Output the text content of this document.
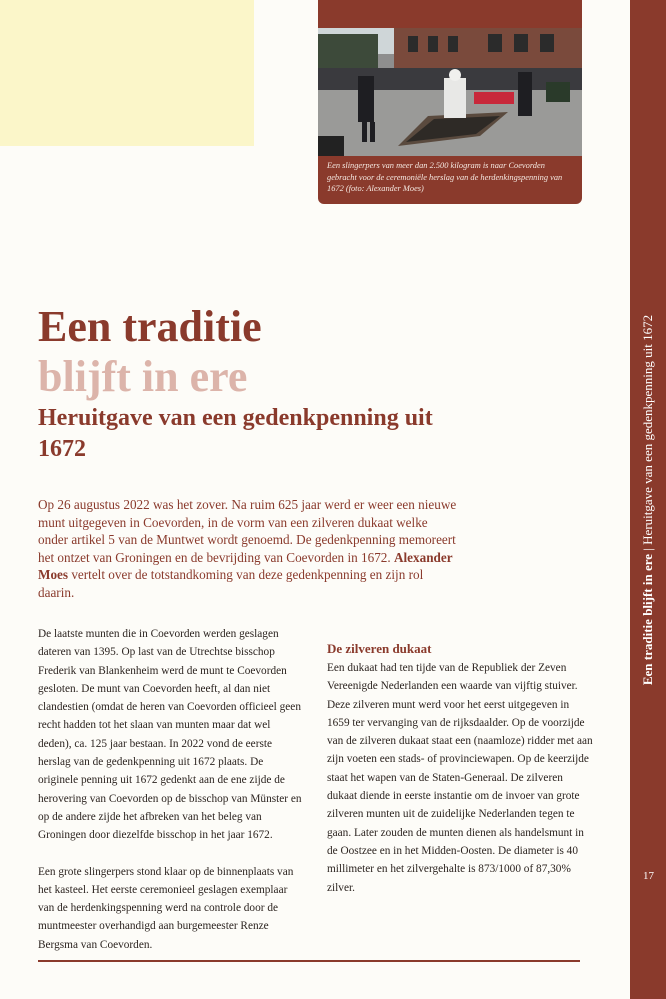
Een slingerpers van meer dan 2.500 kilogram is naar Coevorden gebracht voor de ceremoniële herslag van de herdenkingspenning van 1672 (foto: Alexander Moes)
Een traditie blijft in ere | Heruitgave van een gedenkpenning uit 1672
17
Een traditie
blijft in ere
Heruitgave van een gedenkpenning uit 1672

Op 26 augustus 2022 was het zover. Na ruim 625 jaar werd er weer een nieuwe munt uitgegeven in Coevorden, in de vorm van een zilveren dukaat welke onder artikel 5 van de Muntwet wordt genoemd. De gedenkpenning memoreert het ontzet van Groningen en de bevrijding van Coevorden in 1672. Alexander Moes vertelt over de totstandkoming van deze gedenkpenning en zijn rol daarin.

De laatste munten die in Coevorden werden geslagen dateren van 1395. Op last van de Utrechtse bisschop Frederik van Blankenheim werd de munt te Coevorden gesloten. De munt van Coevorden heeft, al dan niet clandestien (omdat de heren van Coevorden officieel geen recht hadden tot het slaan van munten maar dat wel deden), ca. 125 jaar bestaan. In 2022 vond de eerste herslag van de gedenkpenning uit 1672 plaats. De originele penning uit 1672 gedenkt aan de ene zijde de herovering van Coevorden op de bisschop van Münster en op de andere zijde het afbreken van het beleg van Groningen door diezelfde bisschop in het jaar 1672.

Een grote slingerpers stond klaar op de binnenplaats van het kasteel. Het eerste ceremonieel geslagen exemplaar van de herdenkingspenning werd na controle door de muntmeester overhandigd aan burgemeester Renze Bergsma van Coevorden.

De zilveren dukaat

Een dukaat had ten tijde van de Republiek der Zeven Vereenigde Nederlanden een waarde van vijftig stuiver. Deze zilveren munt werd voor het eerst uitgegeven in 1659 ter vervanging van de rijksdaalder. Op de voorzijde van de zilveren dukaat staat een (naamloze) ridder met aan zijn voeten een stads- of provinciewapen. Op de keerzijde staat het wapen van de Staten-Generaal. De zilveren dukaat diende in eerste instantie om de invoer van grote zilveren munten uit de zuidelijke Nederlanden tegen te gaan. Later zouden de munten dienen als handelsmunt in de Oostzee en in het Midden-Oosten. De diameter is 40 millimeter en het zilvergehalte is 873/1000 of 87,30% zilver.
